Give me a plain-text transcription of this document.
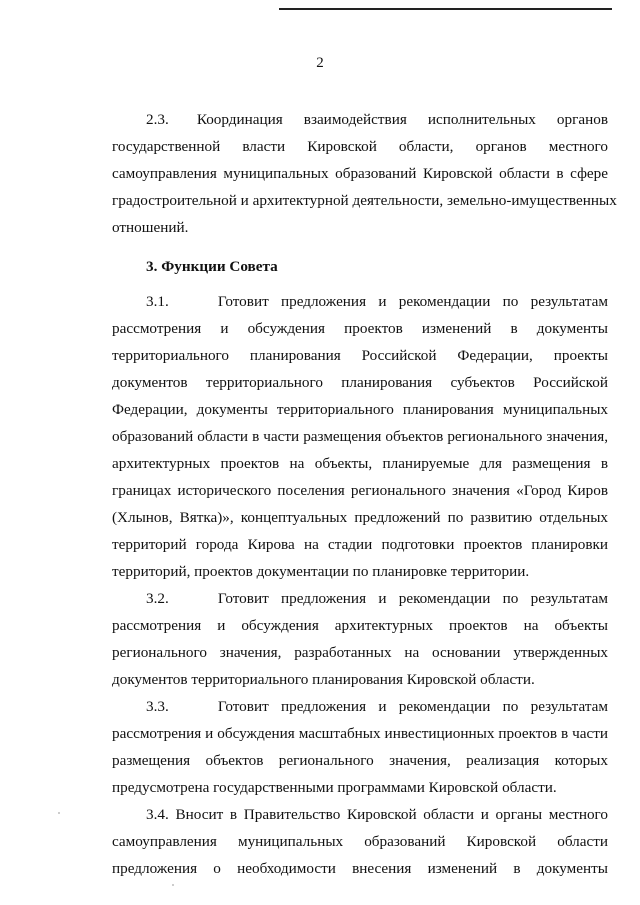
2
2.3.    Координация   взаимодействия   исполнительных   органов
государственной власти Кировской области, органов местного
самоуправления муниципальных образований Кировской области в сфере
градостроительной и архитектурной деятельности, земельно-имущественных
отношений.
3. Функции Совета
3.1.    Готовит предложения и рекомендации по результатам
рассмотрения и обсуждения проектов изменений в документы
территориального планирования Российской Федерации, проекты
документов территориального планирования субъектов Российской
Федерации, документы территориального планирования муниципальных
образований области в части размещения объектов регионального значения,
архитектурных проектов на объекты, планируемые для размещения в
границах исторического поселения регионального значения «Город Киров
(Хлынов, Вятка)», концептуальных предложений по развитию отдельных
территорий города Кирова на стадии подготовки проектов планировки
территорий, проектов документации по планировке территории.
3.2.    Готовит предложения и рекомендации по результатам
рассмотрения и обсуждения архитектурных проектов на объекты
регионального значения, разработанных на основании утвержденных
документов территориального планирования Кировской области.
3.3.    Готовит предложения и рекомендации по результатам
рассмотрения и обсуждения масштабных инвестиционных проектов в части
размещения объектов регионального значения, реализация которых
предусмотрена государственными программами Кировской области.
3.4. Вносит в Правительство Кировской области и органы местного
самоуправления муниципальных образований Кировской области
предложения о необходимости внесения изменений в документы
